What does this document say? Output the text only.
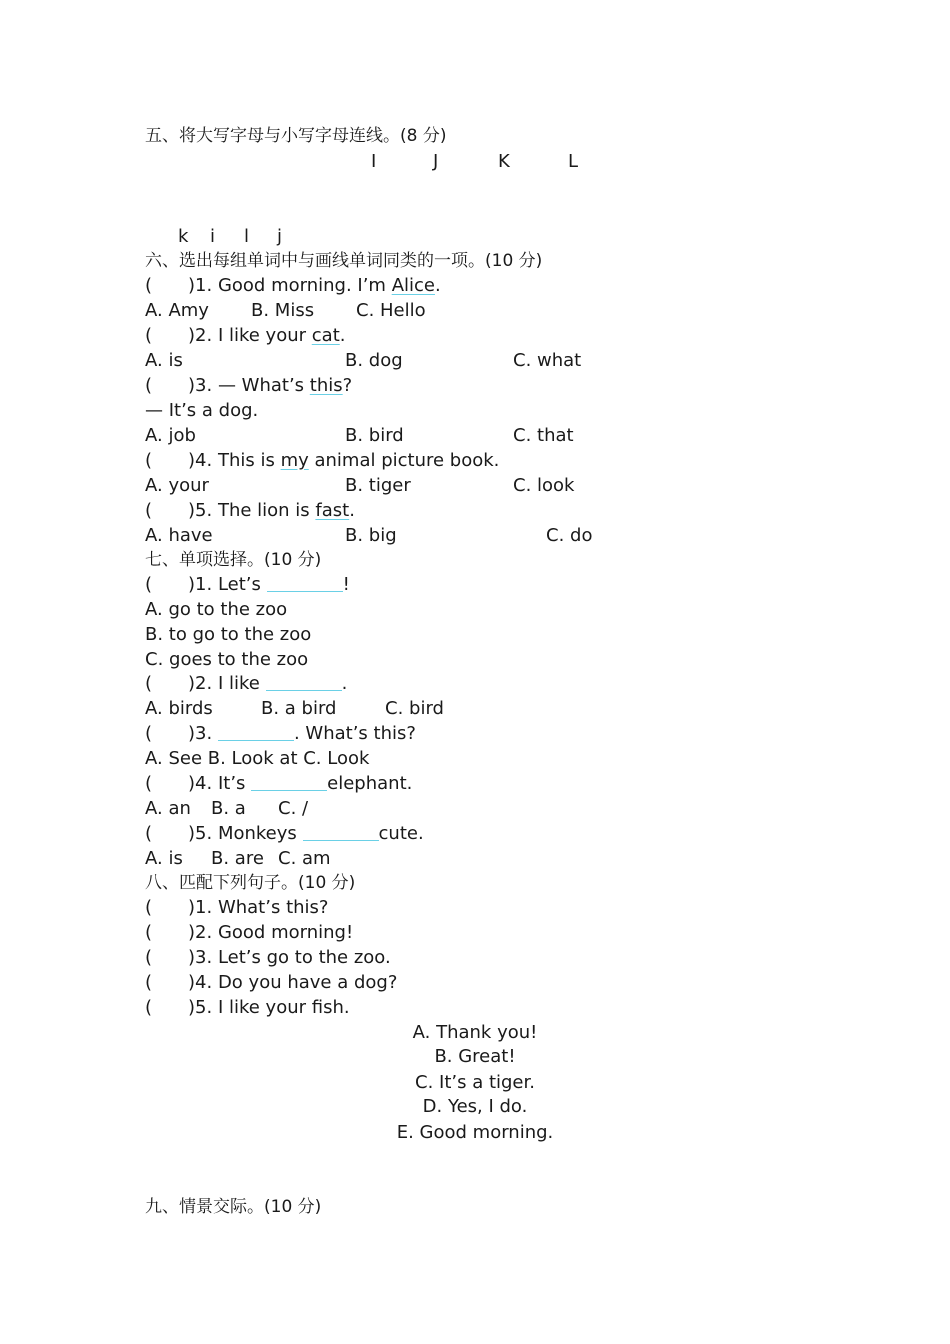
五、将大写字母与小写字母连线。(8 分)
I	J	K	L
k i l j
六、选出每组单词中与画线单词同类的一项。(10 分)
( )1. Good morning. I’m Alice.
A. Amy B. Miss C. Hello
( )2. I like your cat.
A. is	B. dog	C. what
( )3. — What’s this?
— It’s a dog.
A. job	B. bird	C. that
( )4. This is my animal picture book.
A. your	B. tiger	C. look
( )5. The lion is fast.
A. have	B. big	C. do
七、单项选择。(10 分)
( )1. Let’s	!
A. go to the zoo
B. to go to the zoo
C. goes to the zoo
( )2. I like	.
A. birds	B. a bird	C. bird
( )3.	. What’s this?
A. See B. Look at C. Look
( )4. It’s	elephant.
A. an B. a C. /
( )5. Monkeys	cute.
A. is B. are C. am
八、匹配下列句子。(10 分)
( )1. What’s this?
( )2. Good morning!
( )3. Let’s go to the zoo.
( )4. Do you have a dog?
( )5. I like your fish.
A. Thank you!
B. Great!
C. It’s a tiger.
D. Yes, I do.
E. Good morning.
九、情景交际。(10 分)
